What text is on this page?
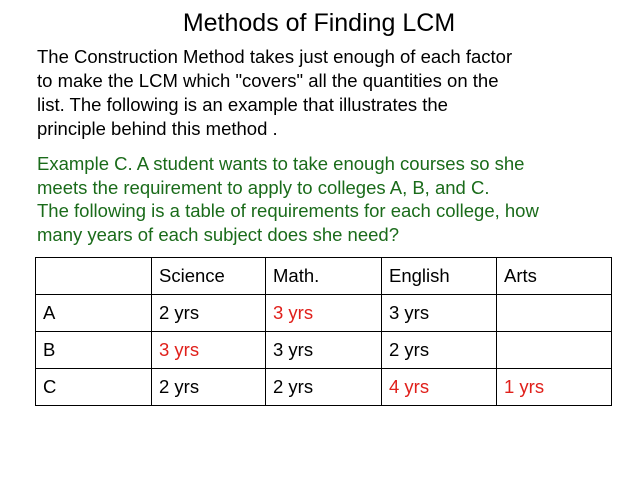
Methods of Finding LCM

The Construction Method takes just enough of each factor
to make the LCM which "covers" all the quantities on the
list. The following is an example that illustrates the
principle behind this method .

Example C. A student wants to take enough courses so she
meets the requirement to apply to colleges A, B, and C.
The following is a table of requirements for each college, how
many years of each subject does she need?

	Science	Math.	English	Arts
A	2 yrs	3 yrs	3 yrs	
B	3 yrs	3 yrs	2 yrs	
C	2 yrs	2 yrs	4 yrs	1 yrs
